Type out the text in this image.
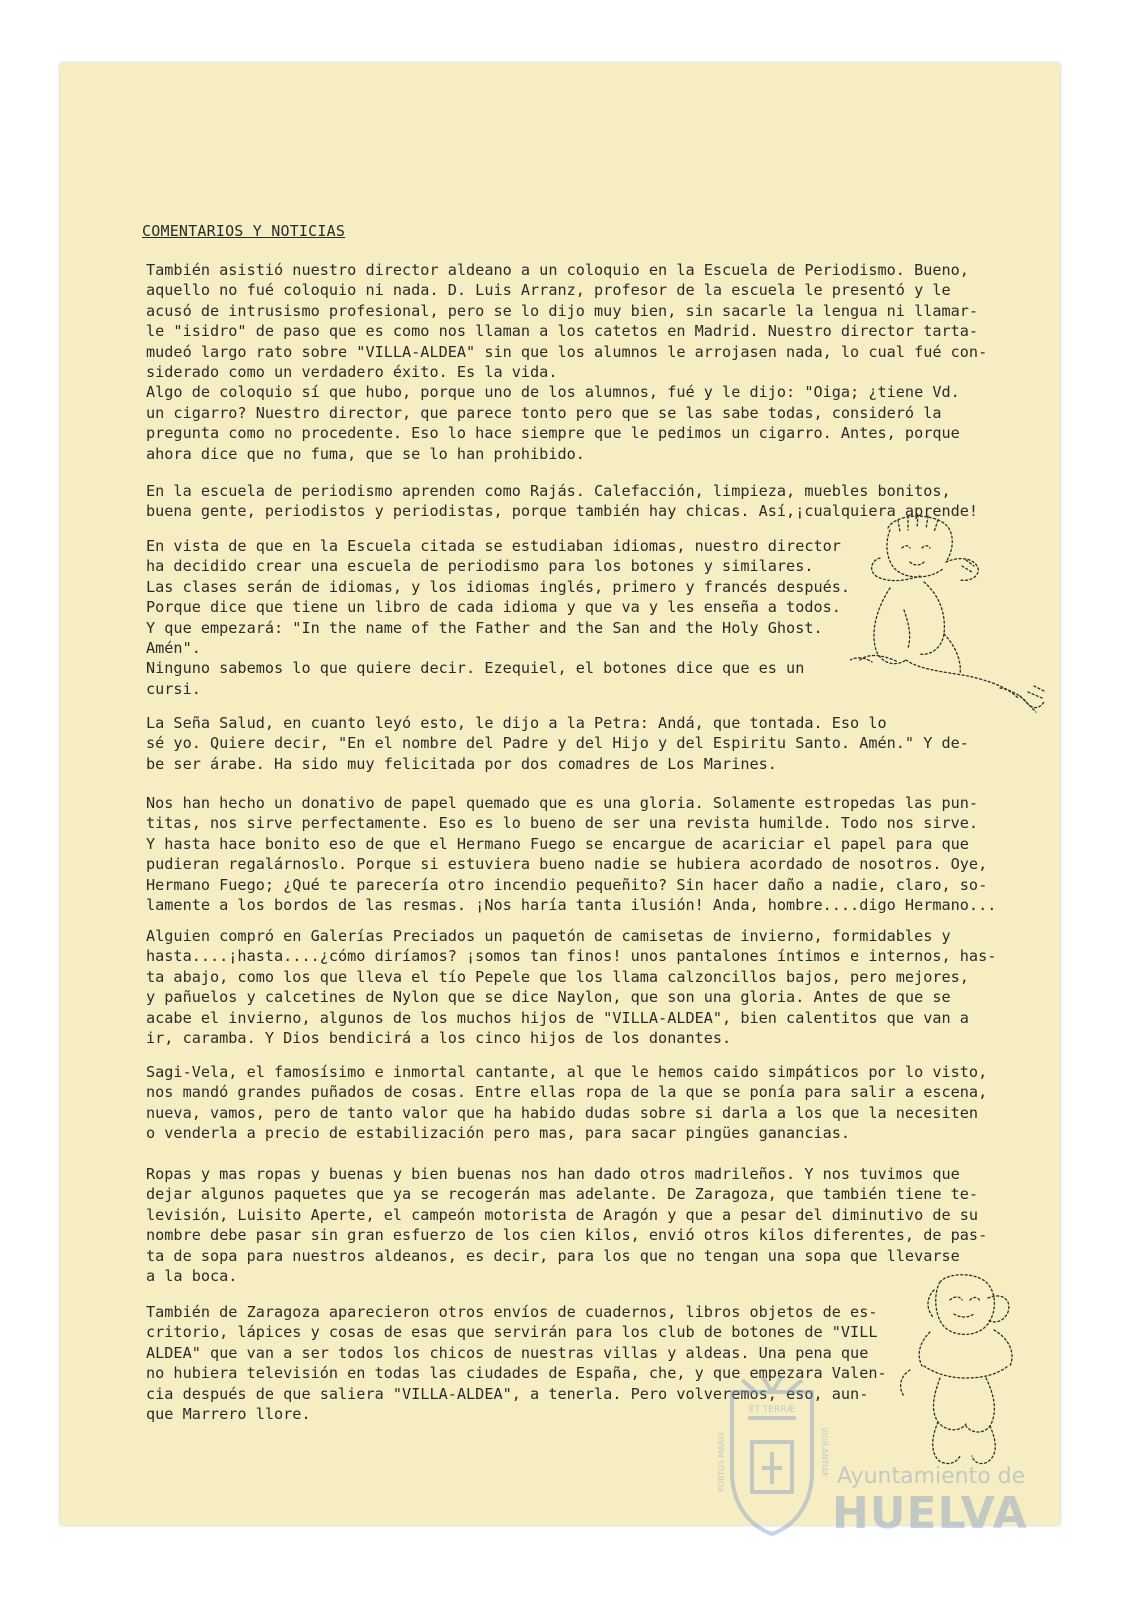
COMENTARIOS Y NOTICIAS
También asistió nuestro director aldeano a un coloquio en la Escuela de Periodismo. Bueno,
aquello no fué coloquio ni nada. D. Luis Arranz, profesor de la escuela le presentó y le
acusó de intrusismo profesional, pero se lo dijo muy bien, sin sacarle la lengua ni llamar-
le "isidro" de paso que es como nos llaman a los catetos en Madrid. Nuestro director tarta-
mudeó largo rato sobre "VILLA-ALDEA" sin que los alumnos le arrojasen nada, lo cual fué con-
siderado como un verdadero éxito. Es la vida.
Algo de coloquio sí que hubo, porque uno de los alumnos, fué y le dijo: "Oiga; ¿tiene Vd.
un cigarro? Nuestro director, que parece tonto pero que se las sabe todas, consideró la
pregunta como no procedente. Eso lo hace siempre que le pedimos un cigarro. Antes, porque
ahora dice que no fuma, que se lo han prohibido.
En la escuela de periodismo aprenden como Rajás. Calefacción, limpieza, muebles bonitos,
buena gente, periodistos y periodistas, porque también hay chicas. Así,¡cualquiera aprende!
En vista de que en la Escuela citada se estudiaban idiomas, nuestro director
ha decidido crear una escuela de periodismo para los botones y similares.
Las clases serán de idiomas, y los idiomas inglés, primero y francés después.
Porque dice que tiene un libro de cada idioma y que va y les enseña a todos.
Y que empezará: "In the name of the Father and the San and the Holy Ghost.
Amén".
Ninguno sabemos lo que quiere decir. Ezequiel, el botones dice que es un
cursi.
La Seña Salud, en cuanto leyó esto, le dijo a la Petra: Andá, que tontada. Eso lo
sé yo. Quiere decir, "En el nombre del Padre y del Hijo y del Espiritu Santo. Amén." Y de-
be ser árabe. Ha sido muy felicitada por dos comadres de Los Marines.
Nos han hecho un donativo de papel quemado que es una gloria. Solamente estropedas las pun-
titas, nos sirve perfectamente. Eso es lo bueno de ser una revista humilde. Todo nos sirve.
Y hasta hace bonito eso de que el Hermano Fuego se encargue de acariciar el papel para que
pudieran regalárnoslo. Porque si estuviera bueno nadie se hubiera acordado de nosotros. Oye,
Hermano Fuego; ¿Qué te parecería otro incendio pequeñito? Sin hacer daño a nadie, claro, so-
lamente a los bordos de las resmas. ¡Nos haría tanta ilusión! Anda, hombre....digo Hermano...
Alguien compró en Galerías Preciados un paquetón de camisetas de invierno, formidables y
hasta....¡hasta....¿cómo diríamos? ¡somos tan finos! unos pantalones íntimos e internos, has-
ta abajo, como los que lleva el tío Pepele que los llama calzoncillos bajos, pero mejores,
y pañuelos y calcetines de Nylon que se dice Naylon, que son una gloria. Antes de que se
acabe el invierno, algunos de los muchos hijos de "VILLA-ALDEA", bien calentitos que van a
ir, caramba. Y Dios bendicirá a los cinco hijos de los donantes.
Sagi-Vela, el famosísimo e inmortal cantante, al que le hemos caido simpáticos por lo visto,
nos mandó grandes puñados de cosas. Entre ellas ropa de la que se ponía para salir a escena,
nueva, vamos, pero de tanto valor que ha habido dudas sobre si darla a los que la necesiten
o venderla a precio de estabilización pero mas, para sacar pingües ganancias.
Ropas y mas ropas y buenas y bien buenas nos han dado otros madrileños. Y nos tuvimos que
dejar algunos paquetes que ya se recogerán mas adelante. De Zaragoza, que también tiene te-
levisión, Luisito Aperte, el campeón motorista de Aragón y que a pesar del diminutivo de su
nombre debe pasar sin gran esfuerzo de los cien kilos, envió otros kilos diferentes, de pas-
ta de sopa para nuestros aldeanos, es decir, para los que no tengan una sopa que llevarse
a la boca.
También de Zaragoza aparecieron otros envíos de cuadernos, libros objetos de es-
critorio, lápices y cosas de esas que servirán para los club de botones de "VILL
ALDEA" que van a ser todos los chicos de nuestras villas y aldeas. Una pena que
no hubiera televisión en todas las ciudades de España, che, y que empezara Valen-
cia después de que saliera "VILLA-ALDEA", a tenerla. Pero volveremos, eso, aun-
que Marrero llore.	ET TERRÆ
PORTUS MARIS	VIGILANTIAE Ayuntamiento de
HUELVA
